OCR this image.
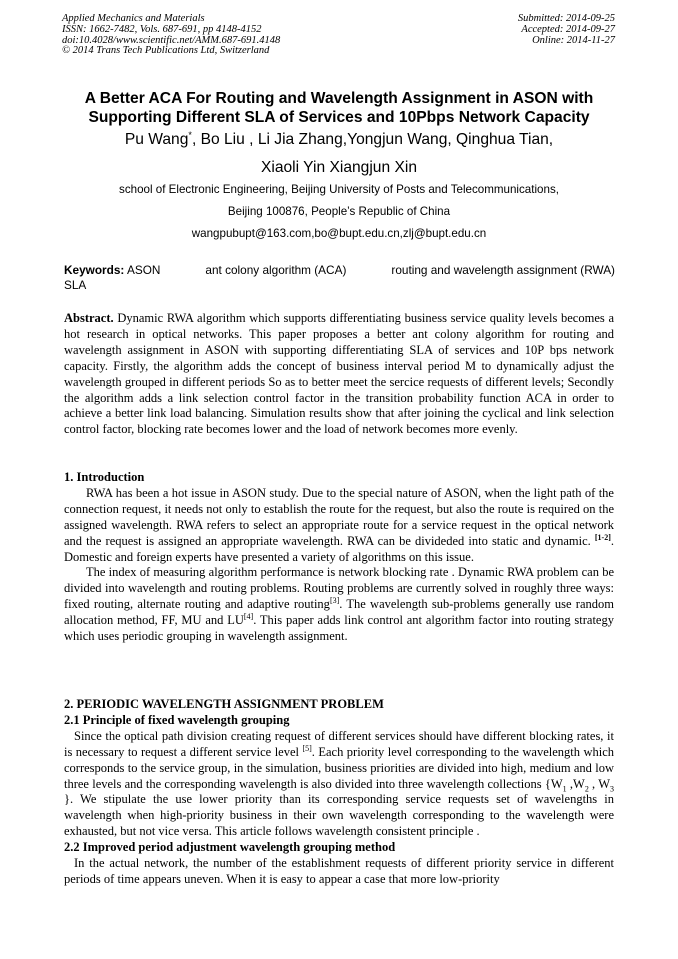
Applied Mechanics and Materials
ISSN: 1662-7482, Vols. 687-691, pp 4148-4152
doi:10.4028/www.scientific.net/AMM.687-691.4148
© 2014 Trans Tech Publications Ltd, Switzerland
Submitted: 2014-09-25
Accepted: 2014-09-27
Online: 2014-11-27
A Better ACA For Routing and Wavelength Assignment in ASON with
Supporting Different SLA of Services and 10Pbps Network Capacity
Pu Wang*, Bo Liu , Li Jia Zhang,Yongjun Wang, Qinghua Tian,
Xiaoli Yin Xiangjun Xin
school of Electronic Engineering, Beijing University of Posts and Telecommunications,
Beijing 100876, People’s Republic of China
wangpubupt@163.com,bo@bupt.edu.cn,zlj@bupt.edu.cn
Keywords: ASON	ant colony algorithm (ACA)	routing and wavelength assignment (RWA)
SLA

Abstract. Dynamic RWA algorithm which supports differentiating business service quality levels becomes a hot research in optical networks. This paper proposes a better ant colony algorithm for routing and wavelength assignment in ASON with supporting differentiating SLA of services and 10P bps network capacity. Firstly, the algorithm adds the concept of business interval period M to dynamically adjust the wavelength grouped in different periods So as to better meet the sercice requests of different levels; Secondly the algorithm adds a link selection control factor in the transition probability function ACA in order to achieve a better link load balancing. Simulation results show that after joining the cyclical and link selection control factor, blocking rate becomes lower and the load of network becomes more evenly.

1. Introduction

RWA has been a hot issue in ASON study. Due to the special nature of ASON, when the light path of the connection request, it needs not only to establish the route for the request, but also the route is required on the assigned wavelength. RWA refers to select an appropriate route for a service request in the optical network and the request is assigned an appropriate wavelength. RWA can be divideded into static and dynamic. [1-2]. Domestic and foreign experts have presented a variety of algorithms on this issue.

The index of measuring algorithm performance is network blocking rate . Dynamic RWA problem can be divided into wavelength and routing problems. Routing problems are currently solved in roughly three ways: fixed routing, alternate routing and adaptive routing[3]. The wavelength sub-problems generally use random allocation method, FF, MU and LU[4]. This paper adds link control ant algorithm factor into routing strategy which uses periodic grouping in wavelength assignment.

2. PERIODIC WAVELENGTH ASSIGNMENT PROBLEM

2.1 Principle of fixed wavelength grouping

Since the optical path division creating request of different services should have different blocking rates, it is necessary to request a different service level [5]. Each priority level corresponding to the wavelength which corresponds to the service group, in the simulation, business priorities are divided into high, medium and low three levels and the corresponding wavelength is also divided into three wavelength collections {$W_1$ $,W_2$ , $W_3$ }. We stipulate the use lower priority than its corresponding service requests set of wavelengths in wavelength when high-priority business in their own wavelength corresponding to the wavelength were exhausted, but not vice versa. This article follows wavelength consistent principle .

2.2 Improved period adjustment wavelength grouping method

In the actual network, the number of the establishment requests of different priority service in different periods of time appears uneven. When it is easy to appear a case that more low-priority
